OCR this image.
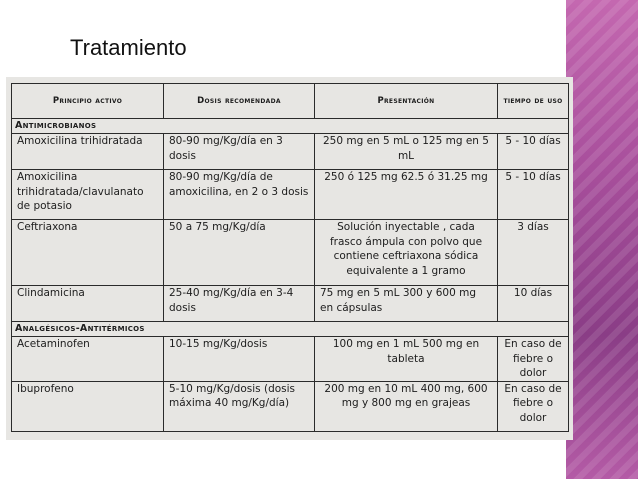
Tratamiento
Principio activo	Dosis recomendada	Presentación	tiempo de uso
Antimicrobianos			
Amoxicilina trihidratada	80-90 mg/Kg/día en 3 dosis	250 mg en 5 mL o 125 mg en 5 mL	5 - 10 días
Amoxicilina trihidratada/clavulanato de potasio	80-90 mg/Kg/día de amoxicilina, en 2 o 3 dosis	250 ó 125 mg 62.5 ó 31.25 mg	5 - 10 días
Ceftriaxona	50 a 75 mg/Kg/día	Solución inyectable , cada frasco ámpula con polvo que contiene ceftriaxona sódica equivalente a 1 gramo	3 días
Clindamicina	25-40 mg/Kg/día en 3-4 dosis	75 mg en 5 mL 300 y 600 mg en cápsulas	10 días
Analgésicos-Antitérmicos			
Acetaminofen	10-15 mg/Kg/dosis	100 mg en 1 mL 500 mg en tableta	En caso de fiebre o dolor
Ibuprofeno	5-10 mg/Kg/dosis (dosis máxima 40 mg/Kg/día)	200 mg en 10 mL 400 mg, 600 mg y 800 mg en grajeas	En caso de fiebre o dolor
